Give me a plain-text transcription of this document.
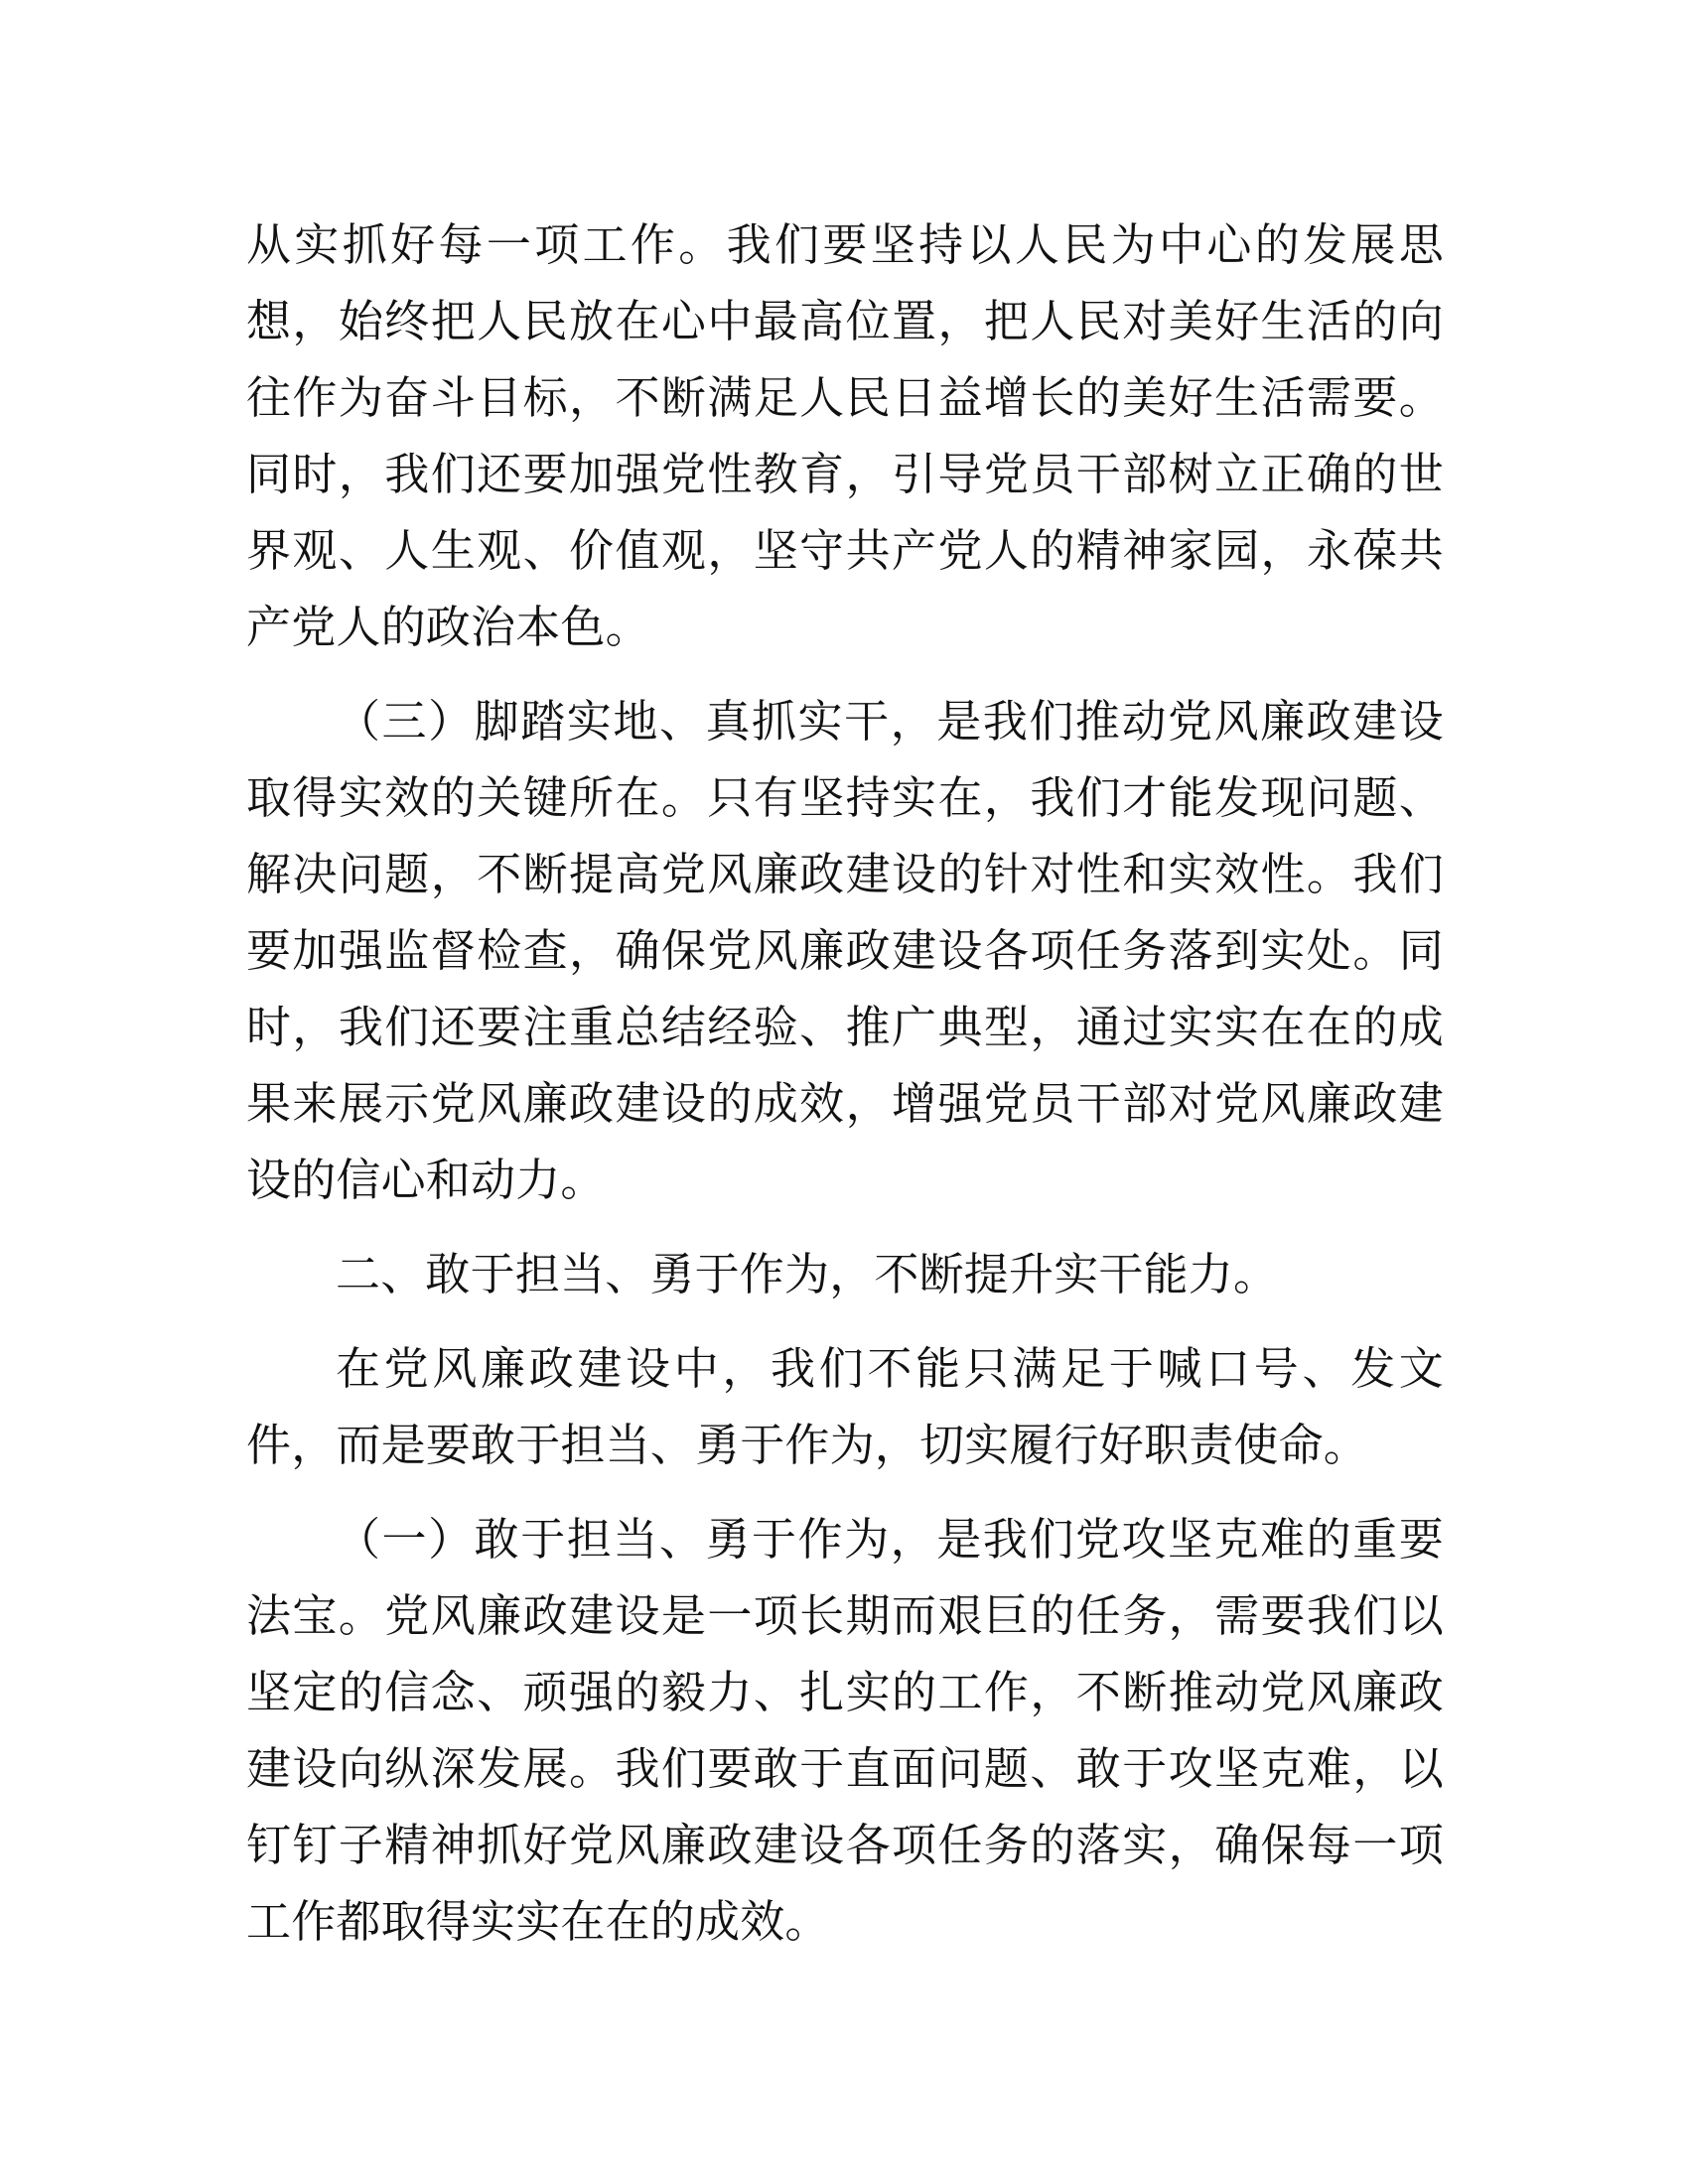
从实抓好每一项工作。我们要坚持以人民为中心的发展思想，始终把人民放在心中最高位置，把人民对美好生活的向往作为奋斗目标，不断满足人民日益增长的美好生活需要。同时，我们还要加强党性教育，引导党员干部树立正确的世界观、人生观、价值观，坚守共产党人的精神家园，永葆共产党人的政治本色。

（三）脚踏实地、真抓实干，是我们推动党风廉政建设取得实效的关键所在。只有坚持实在，我们才能发现问题、解决问题，不断提高党风廉政建设的针对性和实效性。我们要加强监督检查，确保党风廉政建设各项任务落到实处。同时，我们还要注重总结经验、推广典型，通过实实在在的成果来展示党风廉政建设的成效，增强党员干部对党风廉政建设的信心和动力。

二、敢于担当、勇于作为，不断提升实干能力。

在党风廉政建设中，我们不能只满足于喊口号、发文件，而是要敢于担当、勇于作为，切实履行好职责使命。

（一）敢于担当、勇于作为，是我们党攻坚克难的重要法宝。党风廉政建设是一项长期而艰巨的任务，需要我们以坚定的信念、顽强的毅力、扎实的工作，不断推动党风廉政建设向纵深发展。我们要敢于直面问题、敢于攻坚克难，以钉钉子精神抓好党风廉政建设各项任务的落实，确保每一项工作都取得实实在在的成效。
